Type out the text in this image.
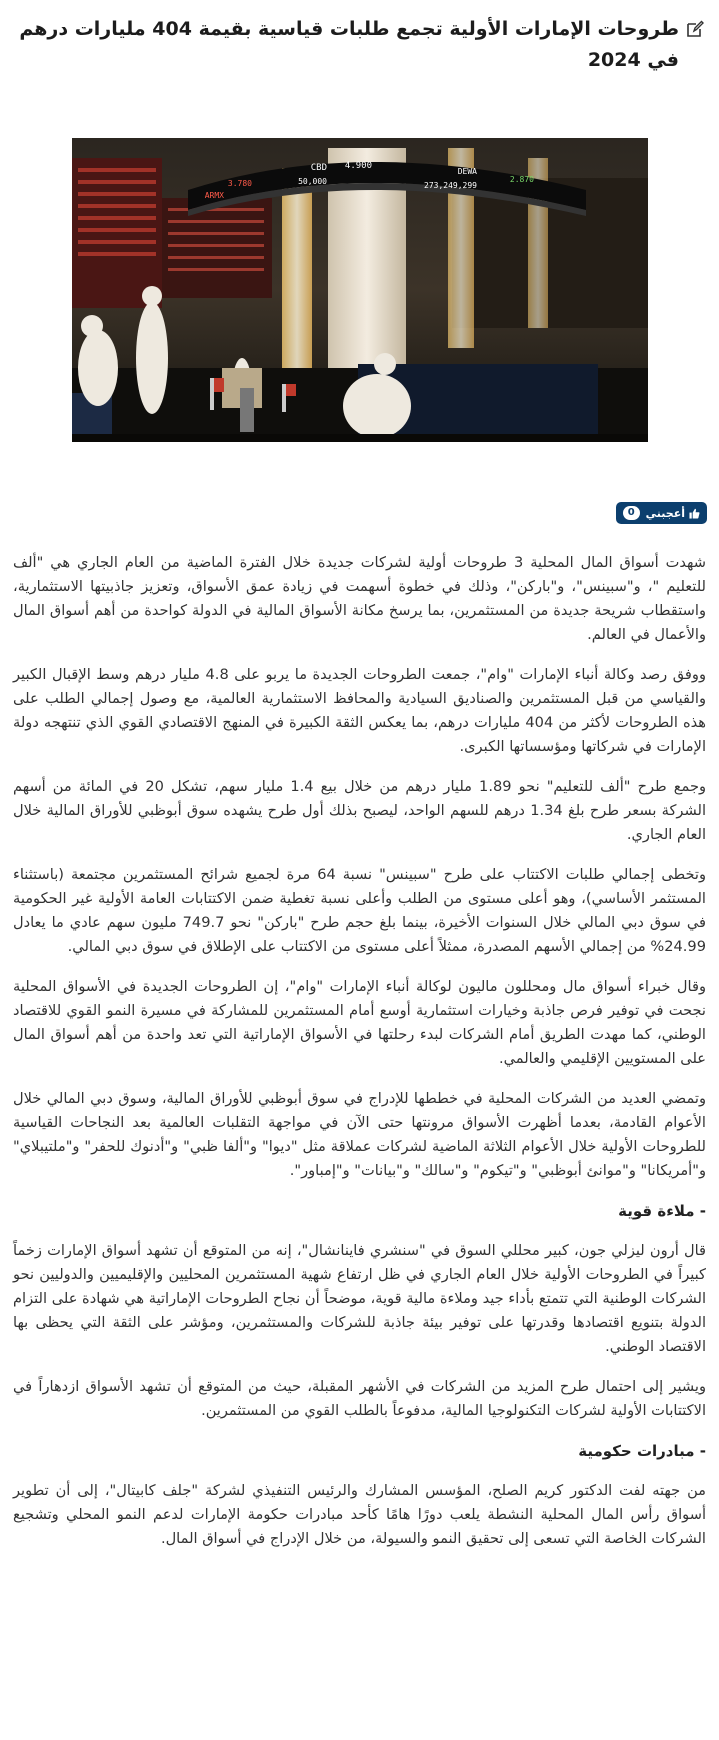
طروحات الإمارات الأولية تجمع طلبات قياسية بقيمة 404 مليارات درهم في 2024
ARMX
3.780
CBD 4.900
50,000
DEWA
273,249,299
2.870
أعجبني
0

شهدت أسواق المال المحلية 3 طروحات أولية لشركات جديدة خلال الفترة الماضية من العام الجاري هي "ألف للتعليم "، و"سبينس"، و"باركن"، وذلك في خطوة أسهمت في زيادة عمق الأسواق، وتعزيز جاذبيتها الاستثمارية، واستقطاب شريحة جديدة من المستثمرين، بما يرسخ مكانة الأسواق المالية في الدولة كواحدة من أهم أسواق المال والأعمال في العالم.

ووفق رصد وكالة أنباء الإمارات "وام"، جمعت الطروحات الجديدة ما يربو على 4.8 مليار درهم وسط الإقبال الكبير والقياسي من قبل المستثمرين والصناديق السيادية والمحافظ الاستثمارية العالمية، مع وصول إجمالي الطلب على هذه الطروحات لأكثر من 404 مليارات درهم، بما يعكس الثقة الكبيرة في المنهج الاقتصادي القوي الذي تنتهجه دولة الإمارات في شركاتها ومؤسساتها الكبرى.

وجمع طرح "ألف للتعليم" نحو 1.89 مليار درهم من خلال بيع 1.4 مليار سهم، تشكل 20 في المائة من أسهم الشركة بسعر طرح بلغ 1.34 درهم للسهم الواحد، ليصبح بذلك أول طرح يشهده سوق أبوظبي للأوراق المالية خلال العام الجاري.

وتخطى إجمالي طلبات الاكتتاب على طرح "سبينس" نسبة 64 مرة لجميع شرائح المستثمرين مجتمعة (باستثناء المستثمر الأساسي)، وهو أعلى مستوى من الطلب وأعلى نسبة تغطية ضمن الاكتتابات العامة الأولية غير الحكومية في سوق دبي المالي خلال السنوات الأخيرة، بينما بلغ حجم طرح "باركن" نحو 749.7 مليون سهم عادي ما يعادل 24.99% من إجمالي الأسهم المصدرة، ممثلاً أعلى مستوى من الاكتتاب على الإطلاق في سوق دبي المالي.

وقال خبراء أسواق مال ومحللون ماليون لوكالة أنباء الإمارات "وام"، إن الطروحات الجديدة في الأسواق المحلية نجحت في توفير فرص جاذبة وخيارات استثمارية أوسع أمام المستثمرين للمشاركة في مسيرة النمو القوي للاقتصاد الوطني، كما مهدت الطريق أمام الشركات لبدء رحلتها في الأسواق الإماراتية التي تعد واحدة من أهم أسواق المال على المستويين الإقليمي والعالمي.

وتمضي العديد من الشركات المحلية في خططها للإدراج في سوق أبوظبي للأوراق المالية، وسوق دبي المالي خلال الأعوام القادمة، بعدما أظهرت الأسواق مرونتها حتى الآن في مواجهة التقلبات العالمية بعد النجاحات القياسية للطروحات الأولية خلال الأعوام الثلاثة الماضية لشركات عملاقة مثل "ديوا" و"ألفا ظبي" و"أدنوك للحفر" و"ملتيبلاي" و"أمريكانا" و"موانئ أبوظبي" و"تيكوم" و"سالك" و"بيانات" و"إمباور".

- ملاءة قوية

قال أرون ليزلي جون، كبير محللي السوق في "سنشري فاينانشال"، إنه من المتوقع أن تشهد أسواق الإمارات زخماً كبيراً في الطروحات الأولية خلال العام الجاري في ظل ارتفاع شهية المستثمرين المحليين والإقليميين والدوليين نحو الشركات الوطنية التي تتمتع بأداء جيد وملاءة مالية قوية، موضحاً أن نجاح الطروحات الإماراتية هي شهادة على التزام الدولة بتنويع اقتصادها وقدرتها على توفير بيئة جاذبة للشركات والمستثمرين، ومؤشر على الثقة التي يحظى بها الاقتصاد الوطني.

ويشير إلى احتمال طرح المزيد من الشركات في الأشهر المقبلة، حيث من المتوقع أن تشهد الأسواق ازدهاراً في الاكتتابات الأولية لشركات التكنولوجيا المالية، مدفوعاً بالطلب القوي من المستثمرين.

- مبادرات حكومية

من جهته لفت الدكتور كريم الصلح، المؤسس المشارك والرئيس التنفيذي لشركة "جلف كابيتال"، إلى أن تطوير أسواق رأس المال المحلية النشطة يلعب دورًا هامًا كأحد مبادرات حكومة الإمارات لدعم النمو المحلي وتشجيع الشركات الخاصة التي تسعى إلى تحقيق النمو والسيولة، من خلال الإدراج في أسواق المال.
